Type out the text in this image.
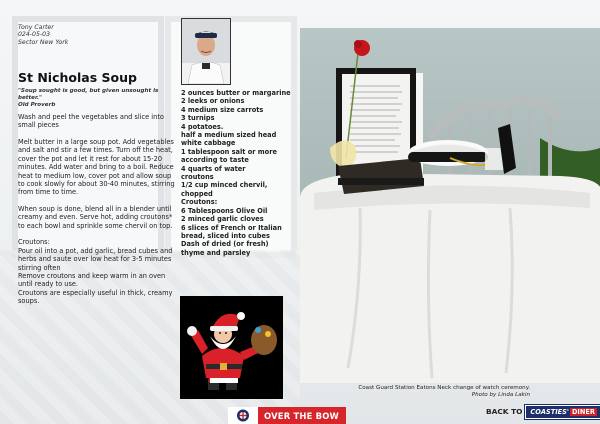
Tony Carter
024-05-03
Sector New York
St Nicholas Soup
"Soup sought is good, but given unsought is better."
Old Proverb

Wash and peel the vegetables and slice into small pieces

Melt butter in a large soup pot. Add vegetables and salt and stir a few times. Turn off the heat, cover the pot and let it rest for about 15-20 minutes. Add water and bring to a boil. Reduce heat to medium low, cover pot and allow soup to cook slowly for about 30-40 minutes, stirring from time to time.

When soup is done, blend all in a blender until creamy and even. Serve hot, adding croutons* to each bowl and sprinkle some chervil on top.

Croutons:
Pour oil into a pot, add garlic, bread cubes and herbs and saute over low heat for 3-5 minutes stirring often
Remove croutons and keep warm in an oven until ready to use.
Croutons are especially useful in thick, creamy soups.
2 ounces butter or margarine
2 leeks or onions
4 medium size carrots
3 turnips
4 potatoes.
half a medium sized head
white cabbage
1 tablespoon salt or more
according to taste
4 quarts of water
croutons
1/2 cup minced chervil,
chopped
Croutons:
6 Tablespoons Olive Oil
2 minced garlic cloves
6 slices of French or Italian
bread, sliced into cubes
Dash of dried (or fresh)
thyme and parsley
Coast Guard Station Eatons Neck change of watch ceremony.
Photo by Linda Lakin
OVER THE BOW	BACK TO	COASTIES' DINER
